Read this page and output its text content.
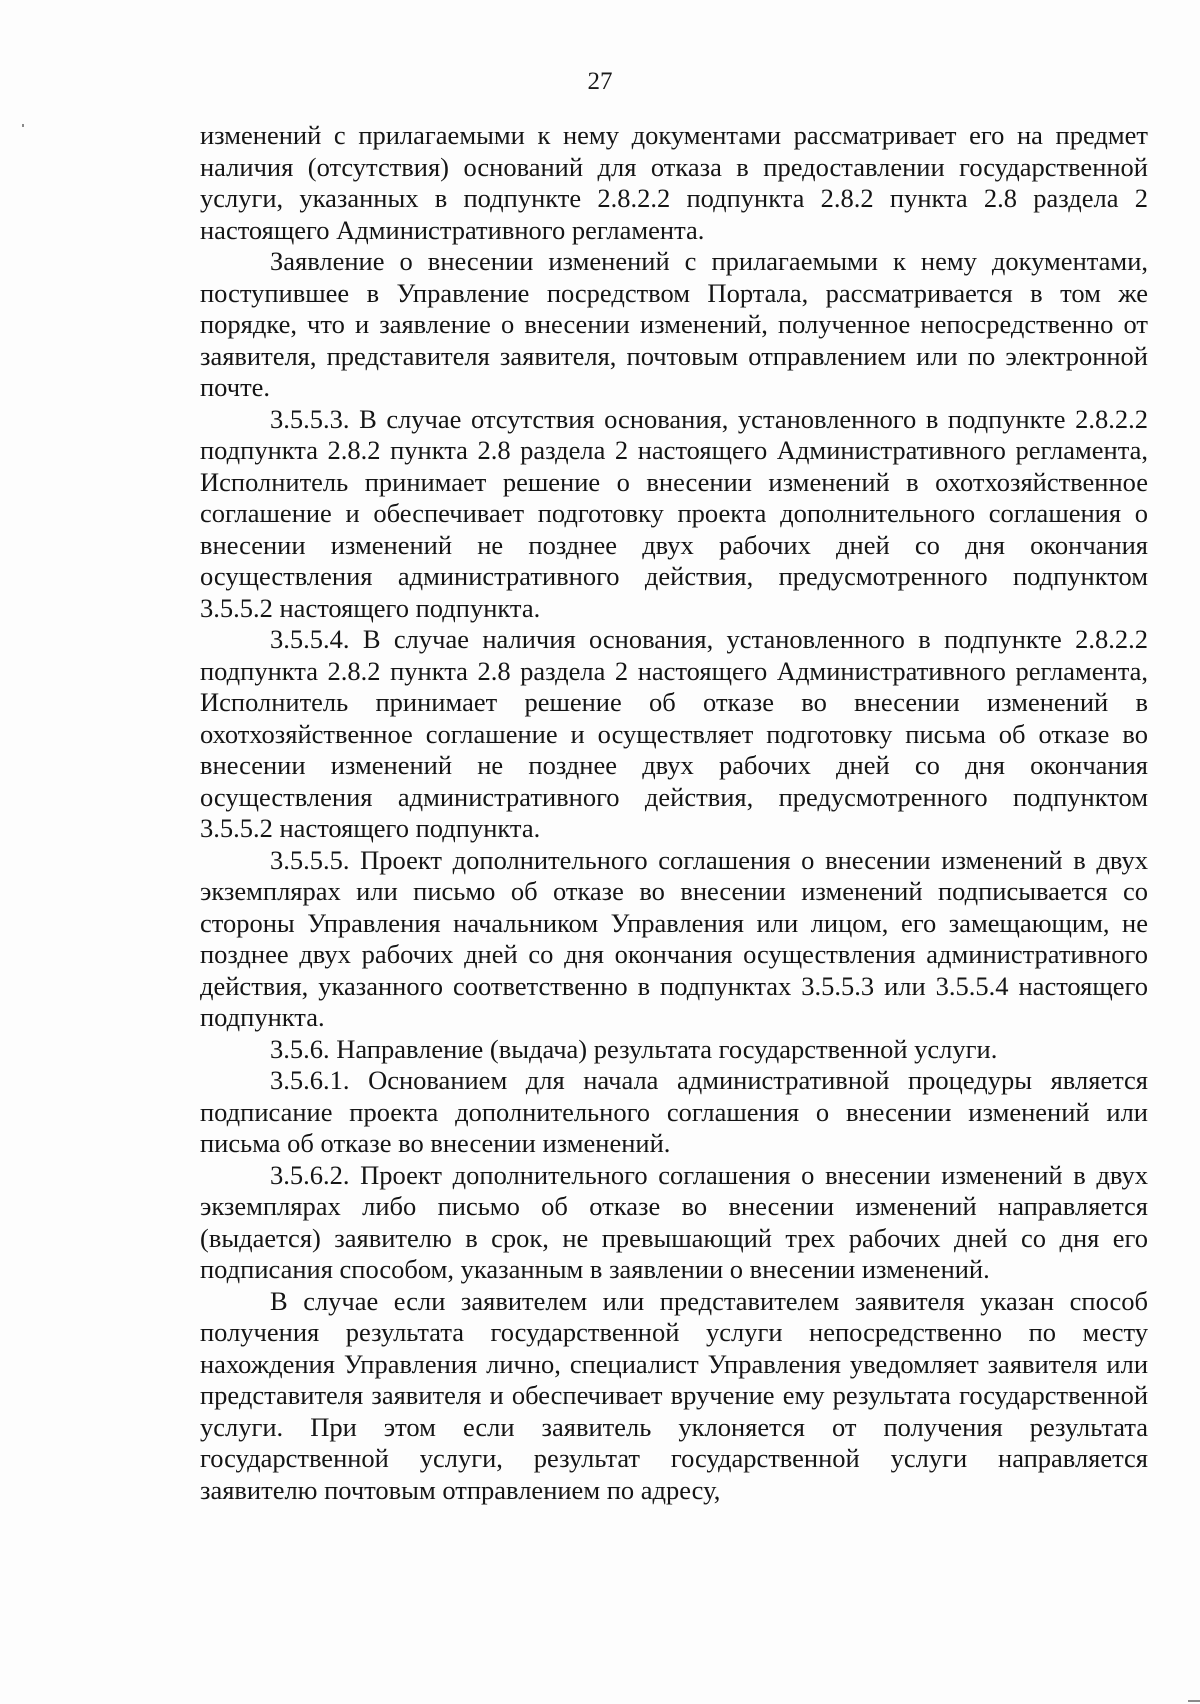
27

изменений с прилагаемыми к нему документами рассматривает его на предмет наличия (отсутствия) оснований для отказа в предоставлении государственной услуги, указанных в подпункте 2.8.2.2 подпункта 2.8.2 пункта 2.8 раздела 2 настоящего Административного регламента.

Заявление о внесении изменений с прилагаемыми к нему документами, поступившее в Управление посредством Портала, рассматривается в том же порядке, что и заявление о внесении изменений, полученное непосредственно от заявителя, представителя заявителя, почтовым отправлением или по электронной почте.

3.5.5.3. В случае отсутствия основания, установленного в подпункте 2.8.2.2 подпункта 2.8.2 пункта 2.8 раздела 2 настоящего Административного регламента, Исполнитель принимает решение о внесении изменений в охотхозяйственное соглашение и обеспечивает подготовку проекта дополнительного соглашения о внесении изменений не позднее двух рабочих дней со дня окончания осуществления административного действия, предусмотренного подпунктом 3.5.5.2 настоящего подпункта.

3.5.5.4. В случае наличия основания, установленного в подпункте 2.8.2.2 подпункта 2.8.2 пункта 2.8 раздела 2 настоящего Административного регламента, Исполнитель принимает решение об отказе во внесении изменений в охотхозяйственное соглашение и осуществляет подготовку письма об отказе во внесении изменений не позднее двух рабочих дней со дня окончания осуществления административного действия, предусмотренного подпунктом 3.5.5.2 настоящего подпункта.

3.5.5.5. Проект дополнительного соглашения о внесении изменений в двух экземплярах или письмо об отказе во внесении изменений подписывается со стороны Управления начальником Управления или лицом, его замещающим, не позднее двух рабочих дней со дня окончания осуществления административного действия, указанного соответственно в подпунктах 3.5.5.3 или 3.5.5.4 настоящего подпункта.

3.5.6. Направление (выдача) результата государственной услуги.

3.5.6.1. Основанием для начала административной процедуры является подписание проекта дополнительного соглашения о внесении изменений или письма об отказе во внесении изменений.

3.5.6.2. Проект дополнительного соглашения о внесении изменений в двух экземплярах либо письмо об отказе во внесении изменений направляется (выдается) заявителю в срок, не превышающий трех рабочих дней со дня его подписания способом, указанным в заявлении о внесении изменений.

В случае если заявителем или представителем заявителя указан способ получения результата государственной услуги непосредственно по месту нахождения Управления лично, специалист Управления уведомляет заявителя или представителя заявителя и обеспечивает вручение ему результата государственной услуги. При этом если заявитель уклоняется от получения результата государственной услуги, результат государственной услуги направляется заявителю почтовым отправлением по адресу,
